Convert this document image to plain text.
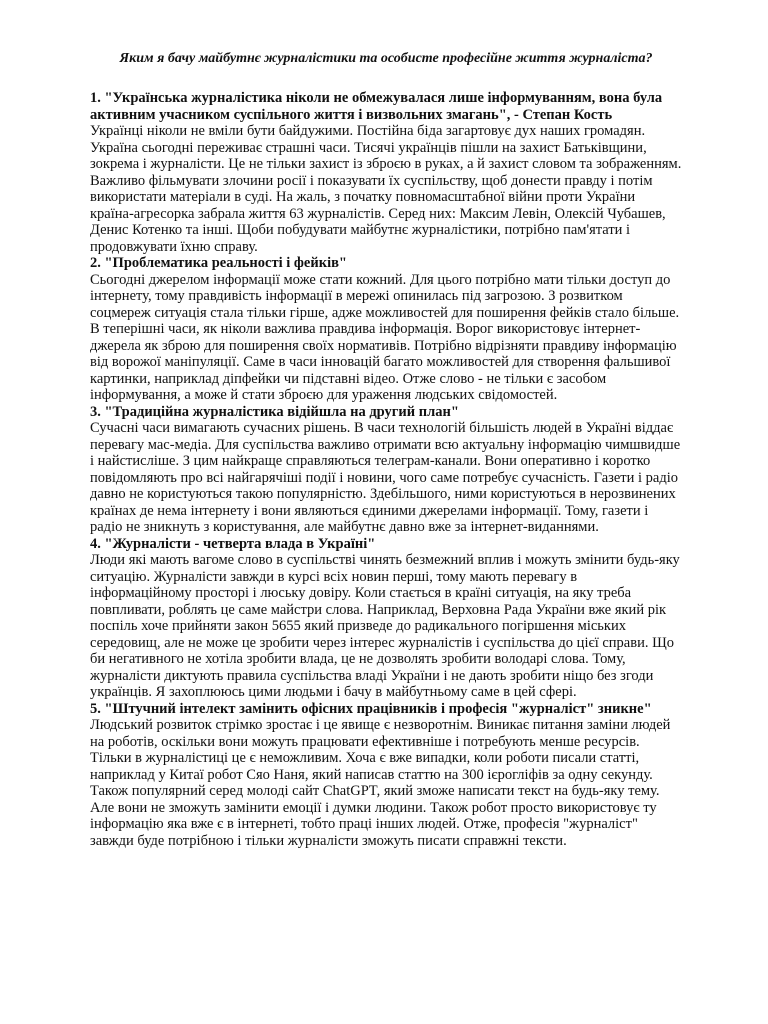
Яким я бачу майбутнє журналістики та особисте професійне життя журналіста?
1. "Українська журналістика ніколи не обмежувалася лише інформуванням, вона була активним учасником суспільного життя і визвольних змагань", - Степан Кость
Українці ніколи не вміли бути байдужими. Постійна біда загартовує дух наших громадян. Україна сьогодні переживає страшні часи. Тисячі українців пішли на захист Батьківщини, зокрема і журналісти. Це не тільки захист із зброєю в руках, а й захист словом та зображенням. Важливо фільмувати злочини росії і показувати їх суспільству, щоб донести правду і потім використати матеріали в суді. На жаль, з початку повномасштабної війни проти України країна-агресорка забрала життя 63 журналістів. Серед них: Максим Левін, Олексій Чубашев, Денис Котенко та інші. Щоби побудувати майбутнє журналістики, потрібно пам'ятати і продовжувати їхню справу.
2. "Проблематика реальності і фейків"
Сьогодні джерелом інформації може стати кожний. Для цього потрібно мати тільки доступ до інтернету, тому правдивість інформації в мережі опинилась під загрозою. З розвитком соцмереж ситуація стала тільки гірше, адже можливостей для поширення фейків стало більше. В теперішні часи, як ніколи важлива правдива інформація. Ворог використовує інтернет-джерела як зброю для поширення своїх нормативів. Потрібно відрізняти правдиву інформацію від ворожої маніпуляції. Саме в часи інновацій багато можливостей для створення фальшивої картинки, наприклад діпфейки чи підставні відео. Отже слово - не тільки є засобом інформування, а може й стати зброєю для ураження людських свідомостей.
3. "Традиційна журналістика відійшла на другий план"
Сучасні часи вимагають сучасних рішень. В часи технологій більшість людей в Україні віддає перевагу мас-медіа. Для суспільства важливо отримати всю актуальну інформацію чимшвидше і найстисліше. З цим найкраще справляються телеграм-канали. Вони оперативно і коротко повідомляють про всі найгарячіші події і новини, чого саме потребує сучасність. Газети і радіо давно не користуються такою популярністю. Здебільшого, ними користуються в нерозвинених країнах де нема інтернету і вони являються єдиними джерелами інформації. Тому, газети і радіо не зникнуть з користування, але майбутнє давно вже за інтернет-виданнями.
4. "Журналісти - четверта влада в Україні"
Люди які мають вагоме слово в суспільстві чинять безмежний вплив і можуть змінити будь-яку ситуацію. Журналісти завжди в курсі всіх новин перші, тому мають перевагу в інформаційному просторі і люську довіру. Коли стається в країні ситуація, на яку треба повпливати, роблять це саме майстри слова. Наприклад, Верховна Рада України вже який рік поспіль хоче прийняти закон 5655 який призведе до радикального погіршення міських середовищ, але не може це зробити через інтерес журналістів і суспільства до цієї справи. Що би негативного не хотіла зробити влада, це не дозволять зробити володарі слова. Тому, журналісти диктують правила суспільства владі України і не дають зробити ніщо без згоди українців. Я захоплююсь цими людьми і бачу в майбутньому саме в цей сфері.
5. "Штучний інтелект замінить офісних працівників і професія "журналіст" зникне"
Людський розвиток стрімко зростає і це явище є незворотнім. Виникає питання заміни людей на роботів, оскільки вони можуть працювати ефективніше і потребують менше ресурсів. Тільки в журналістиці це є неможливим. Хоча є вже випадки, коли роботи писали статті, наприклад у Китаї робот Сяо Наня, який написав статтю на 300 ієрогліфів за одну секунду. Також популярний серед молоді сайт ChatGPT, який зможе написати текст на будь-яку тему. Але вони не зможуть замінити емоції і думки людини. Також робот просто використовує ту інформацію яка вже є в інтернеті, тобто праці інших людей. Отже, професія "журналіст" завжди буде потрібною і тільки журналісти зможуть писати справжні тексти.
